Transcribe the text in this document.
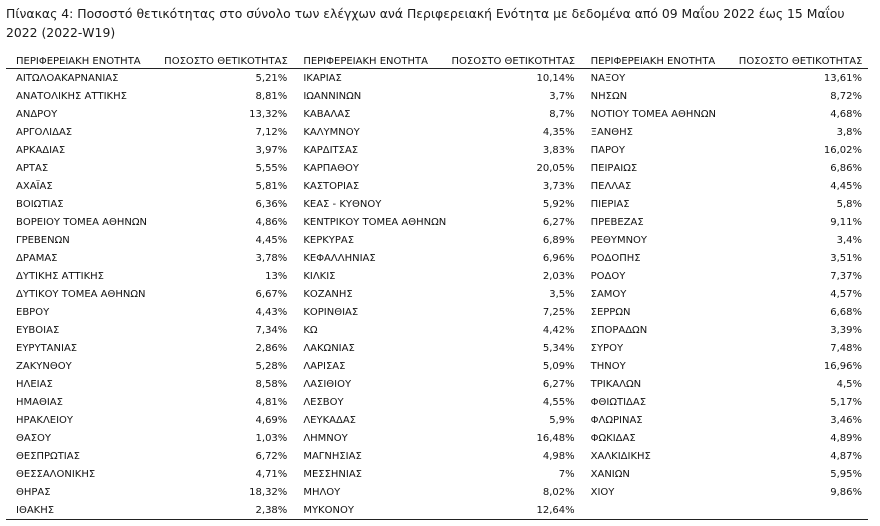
Πίνακας 4: Ποσοστό θετικότητας στο σύνολο των ελέγχων ανά Περιφερειακή Ενότητα με δεδομένα από 09 Μαΐου 2022 έως 15 Μαΐου 2022 (2022-W19)
ΠΕΡΙΦΕΡΕΙΑΚΗ ΕΝΟΤΗΤΑ	ΠΟΣΟΣΤΟ ΘΕΤΙΚΟΤΗΤΑΣ	ΠΕΡΙΦΕΡΕΙΑΚΗ ΕΝΟΤΗΤΑ	ΠΟΣΟΣΤΟ ΘΕΤΙΚΟΤΗΤΑΣ	ΠΕΡΙΦΕΡΕΙΑΚΗ ΕΝΟΤΗΤΑ	ΠΟΣΟΣΤΟ ΘΕΤΙΚΟΤΗΤΑΣ
ΑΙΤΩΛΟΑΚΑΡΝΑΝΙΑΣ	5,21%	ΙΚΑΡΙΑΣ	10,14%	ΝΑΞΟΥ	13,61%
ΑΝΑΤΟΛΙΚΗΣ ΑΤΤΙΚΗΣ	8,81%	ΙΩΑΝΝΙΝΩΝ	3,7%	ΝΗΣΩΝ	8,72%
ΑΝΔΡΟΥ	13,32%	ΚΑΒΑΛΑΣ	8,7%	ΝΟΤΙΟΥ ΤΟΜΕΑ ΑΘΗΝΩΝ	4,68%
ΑΡΓΟΛΙΔΑΣ	7,12%	ΚΑΛΥΜΝΟΥ	4,35%	ΞΑΝΘΗΣ	3,8%
ΑΡΚΑΔΙΑΣ	3,97%	ΚΑΡΔΙΤΣΑΣ	3,83%	ΠΑΡΟΥ	16,02%
ΑΡΤΑΣ	5,55%	ΚΑΡΠΑΘΟΥ	20,05%	ΠΕΙΡΑΙΩΣ	6,86%
ΑΧΑΪΑΣ	5,81%	ΚΑΣΤΟΡΙΑΣ	3,73%	ΠΕΛΛΑΣ	4,45%
ΒΟΙΩΤΙΑΣ	6,36%	ΚΕΑΣ - ΚΥΘΝΟΥ	5,92%	ΠΙΕΡΙΑΣ	5,8%
ΒΟΡΕΙΟΥ ΤΟΜΕΑ ΑΘΗΝΩΝ	4,86%	ΚΕΝΤΡΙΚΟΥ ΤΟΜΕΑ ΑΘΗΝΩΝ	6,27%	ΠΡΕΒΕΖΑΣ	9,11%
ΓΡΕΒΕΝΩΝ	4,45%	ΚΕΡΚΥΡΑΣ	6,89%	ΡΕΘΥΜΝΟΥ	3,4%
ΔΡΑΜΑΣ	3,78%	ΚΕΦΑΛΛΗΝΙΑΣ	6,96%	ΡΟΔΟΠΗΣ	3,51%
ΔΥΤΙΚΗΣ ΑΤΤΙΚΗΣ	13%	ΚΙΛΚΙΣ	2,03%	ΡΟΔΟΥ	7,37%
ΔΥΤΙΚΟΥ ΤΟΜΕΑ ΑΘΗΝΩΝ	6,67%	ΚΟΖΑΝΗΣ	3,5%	ΣΑΜΟΥ	4,57%
ΕΒΡΟΥ	4,43%	ΚΟΡΙΝΘΙΑΣ	7,25%	ΣΕΡΡΩΝ	6,68%
ΕΥΒΟΙΑΣ	7,34%	ΚΩ	4,42%	ΣΠΟΡΑΔΩΝ	3,39%
ΕΥΡΥΤΑΝΙΑΣ	2,86%	ΛΑΚΩΝΙΑΣ	5,34%	ΣΥΡΟΥ	7,48%
ΖΑΚΥΝΘΟΥ	5,28%	ΛΑΡΙΣΑΣ	5,09%	ΤΗΝΟΥ	16,96%
ΗΛΕΙΑΣ	8,58%	ΛΑΣΙΘΙΟΥ	6,27%	ΤΡΙΚΑΛΩΝ	4,5%
ΗΜΑΘΙΑΣ	4,81%	ΛΕΣΒΟΥ	4,55%	ΦΘΙΩΤΙΔΑΣ	5,17%
ΗΡΑΚΛΕΙΟΥ	4,69%	ΛΕΥΚΑΔΑΣ	5,9%	ΦΛΩΡΙΝΑΣ	3,46%
ΘΑΣΟΥ	1,03%	ΛΗΜΝΟΥ	16,48%	ΦΩΚΙΔΑΣ	4,89%
ΘΕΣΠΡΩΤΙΑΣ	6,72%	ΜΑΓΝΗΣΙΑΣ	4,98%	ΧΑΛΚΙΔΙΚΗΣ	4,87%
ΘΕΣΣΑΛΟΝΙΚΗΣ	4,71%	ΜΕΣΣΗΝΙΑΣ	7%	ΧΑΝΙΩΝ	5,95%
ΘΗΡΑΣ	18,32%	ΜΗΛΟΥ	8,02%	ΧΙΟΥ	9,86%
ΙΘΑΚΗΣ	2,38%	ΜΥΚΟΝΟΥ	12,64%		
